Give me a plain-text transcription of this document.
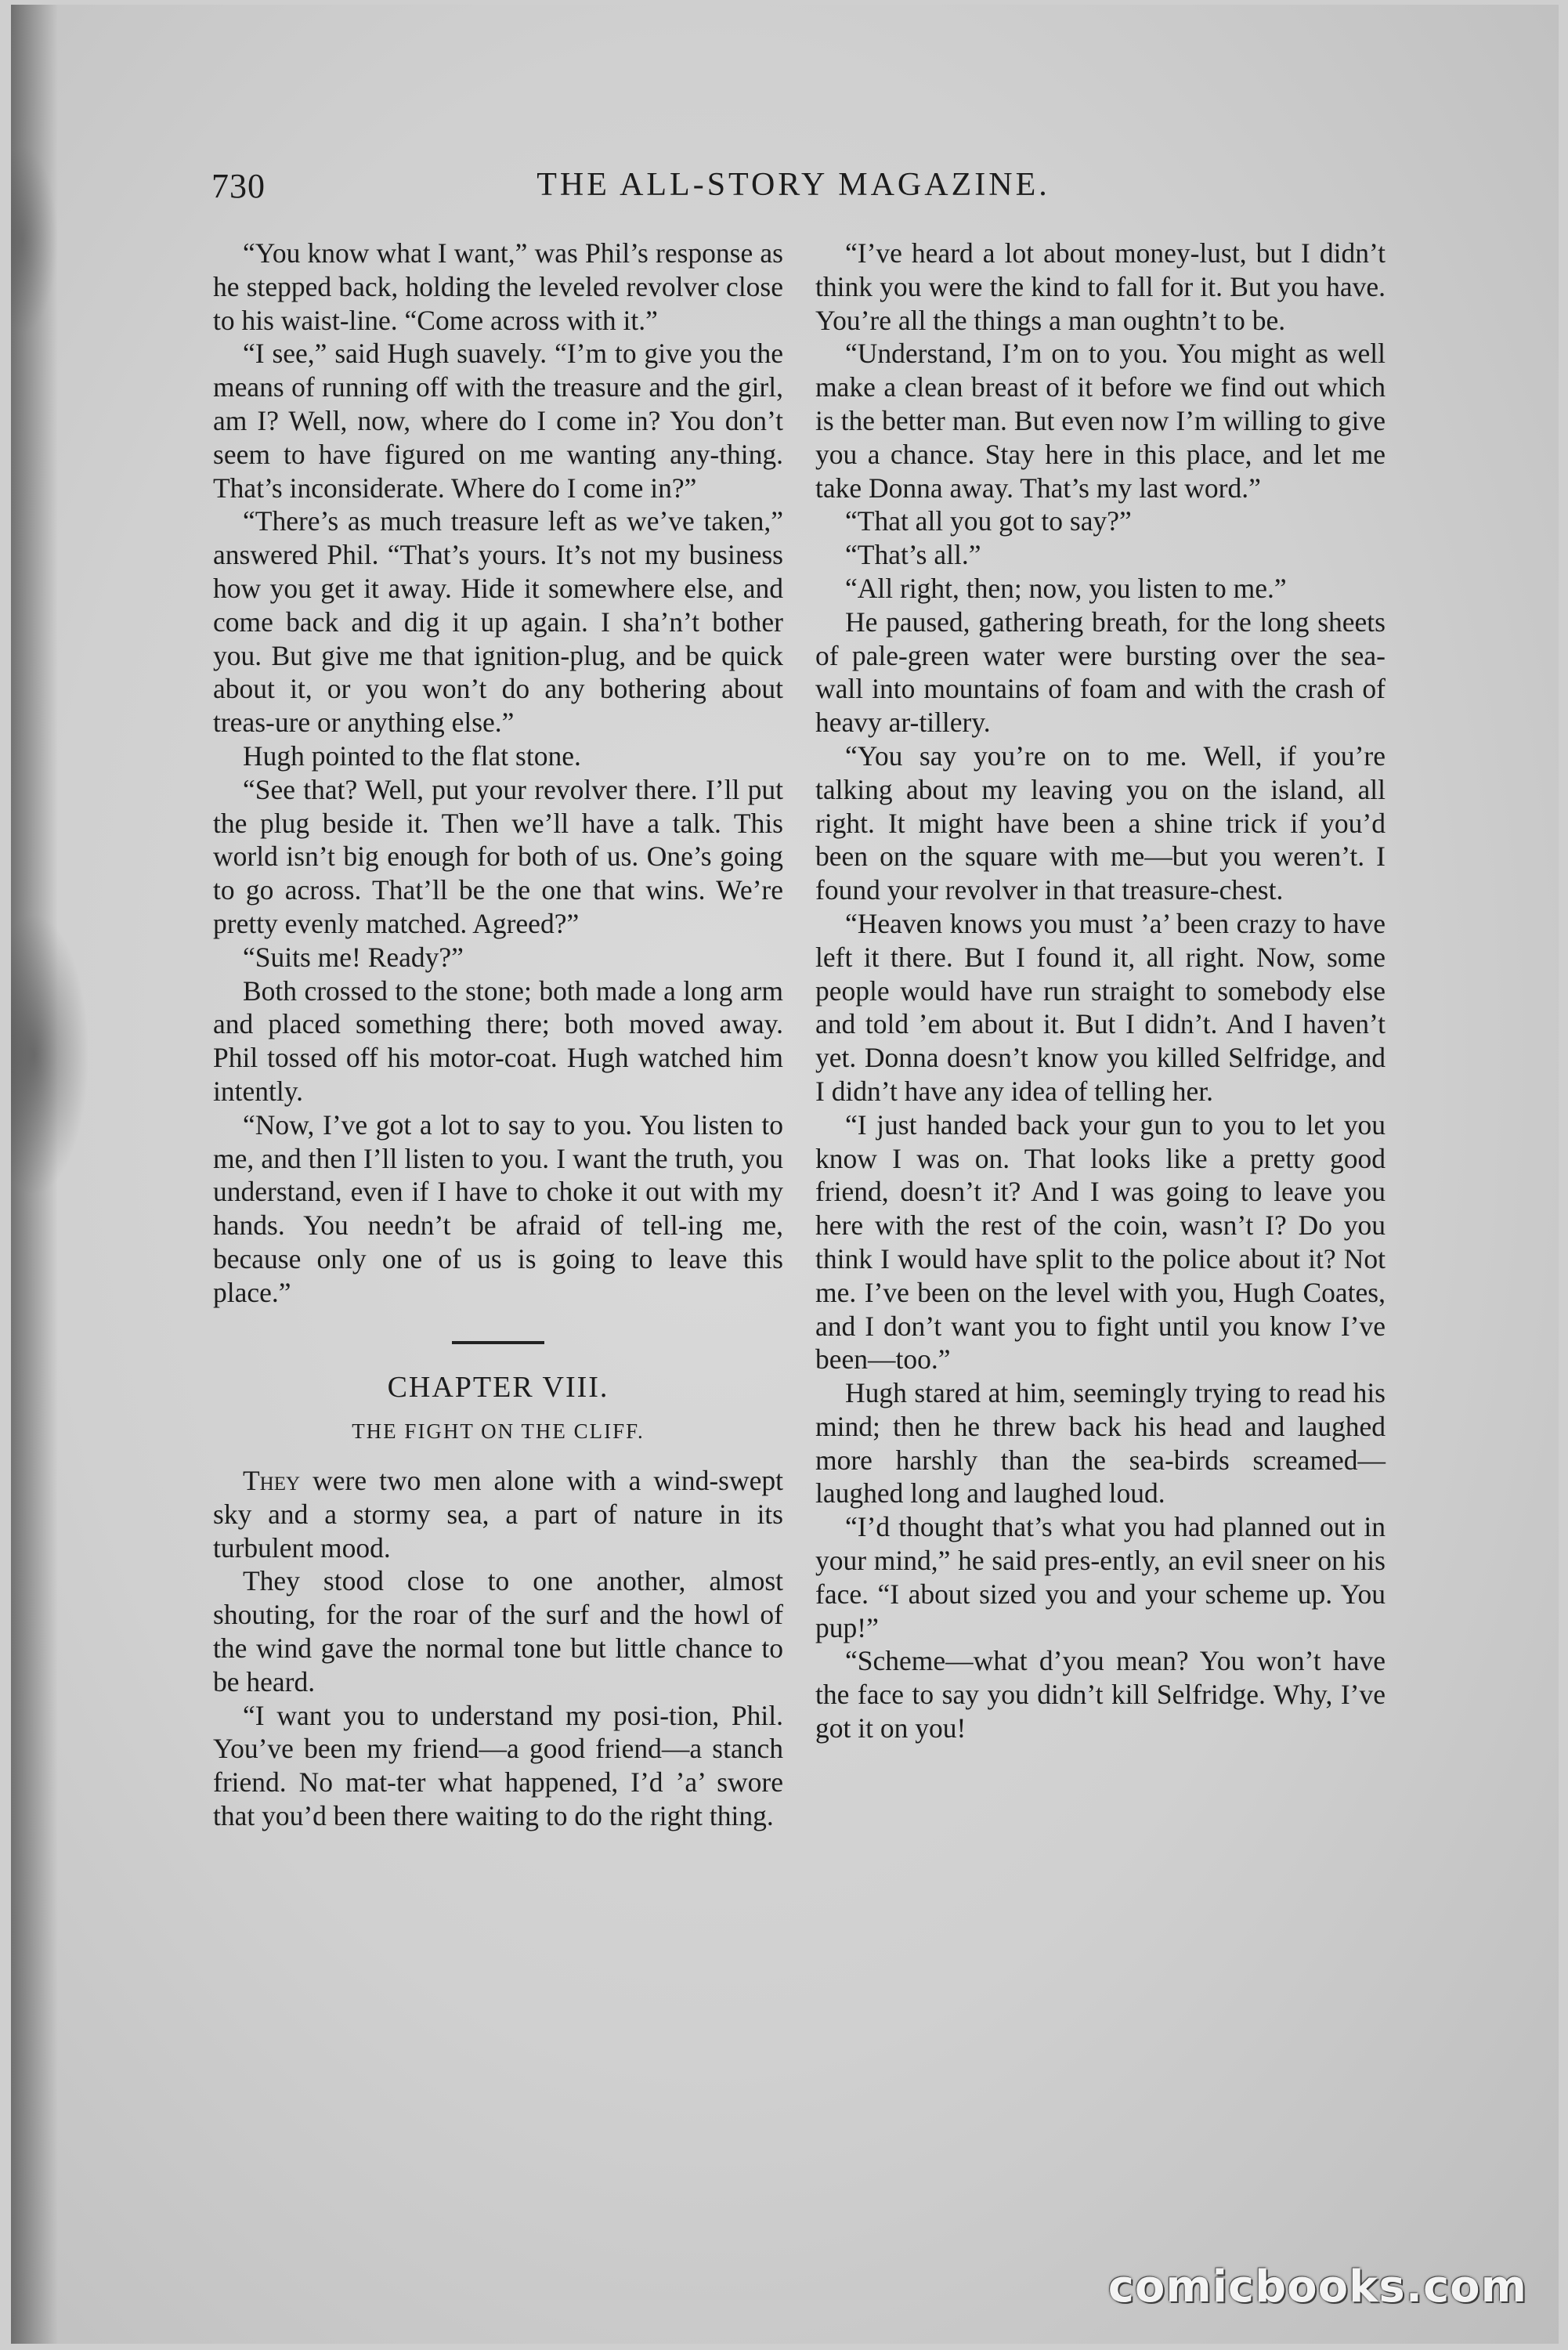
730	THE ALL-STORY MAGAZINE.

“You know what I want,” was Phil’s response as he stepped back, holding the leveled revolver close to his waist-line. “Come across with it.”

“I see,” said Hugh suavely. “I’m to give you the means of running off with the treasure and the girl, am I? Well, now, where do I come in? You don’t seem to have figured on me wanting any-thing. That’s inconsiderate. Where do I come in?”

“There’s as much treasure left as we’ve taken,” answered Phil. “That’s yours. It’s not my business how you get it away. Hide it somewhere else, and come back and dig it up again. I sha’n’t bother you. But give me that ignition-plug, and be quick about it, or you won’t do any bothering about treas-ure or anything else.”

Hugh pointed to the flat stone.

“See that? Well, put your revolver there. I’ll put the plug beside it. Then we’ll have a talk. This world isn’t big enough for both of us. One’s going to go across. That’ll be the one that wins. We’re pretty evenly matched. Agreed?”

“Suits me! Ready?”

Both crossed to the stone; both made a long arm and placed something there; both moved away. Phil tossed off his motor-coat. Hugh watched him intently.

“Now, I’ve got a lot to say to you. You listen to me, and then I’ll listen to you. I want the truth, you understand, even if I have to choke it out with my hands. You needn’t be afraid of tell-ing me, because only one of us is going to leave this place.”

CHAPTER VIII.
THE FIGHT ON THE CLIFF.

They were two men alone with a wind-swept sky and a stormy sea, a part of nature in its turbulent mood.

They stood close to one another, almost shouting, for the roar of the surf and the howl of the wind gave the normal tone but little chance to be heard.

“I want you to understand my posi-tion, Phil. You’ve been my friend—a good friend—a stanch friend. No mat-ter what happened, I’d ’a’ swore that you’d been there waiting to do the right thing.

“I’ve heard a lot about money-lust, but I didn’t think you were the kind to fall for it. But you have. You’re all the things a man oughtn’t to be.

“Understand, I’m on to you. You might as well make a clean breast of it before we find out which is the better man. But even now I’m willing to give you a chance. Stay here in this place, and let me take Donna away. That’s my last word.”

“That all you got to say?”

“That’s all.”

“All right, then; now, you listen to me.”

He paused, gathering breath, for the long sheets of pale-green water were bursting over the sea-wall into mountains of foam and with the crash of heavy ar-tillery.

“You say you’re on to me. Well, if you’re talking about my leaving you on the island, all right. It might have been a shine trick if you’d been on the square with me—but you weren’t. I found your revolver in that treasure-chest.

“Heaven knows you must ’a’ been crazy to have left it there. But I found it, all right. Now, some people would have run straight to somebody else and told ’em about it. But I didn’t. And I haven’t yet. Donna doesn’t know you killed Selfridge, and I didn’t have any idea of telling her.

“I just handed back your gun to you to let you know I was on. That looks like a pretty good friend, doesn’t it? And I was going to leave you here with the rest of the coin, wasn’t I? Do you think I would have split to the police about it? Not me. I’ve been on the level with you, Hugh Coates, and I don’t want you to fight until you know I’ve been—too.”

Hugh stared at him, seemingly trying to read his mind; then he threw back his head and laughed more harshly than the sea-birds screamed—laughed long and laughed loud.

“I’d thought that’s what you had planned out in your mind,” he said pres-ently, an evil sneer on his face. “I about sized you and your scheme up. You pup!”

“Scheme—what d’you mean? You won’t have the face to say you didn’t kill Selfridge. Why, I’ve got it on you!

comicbooks.com
